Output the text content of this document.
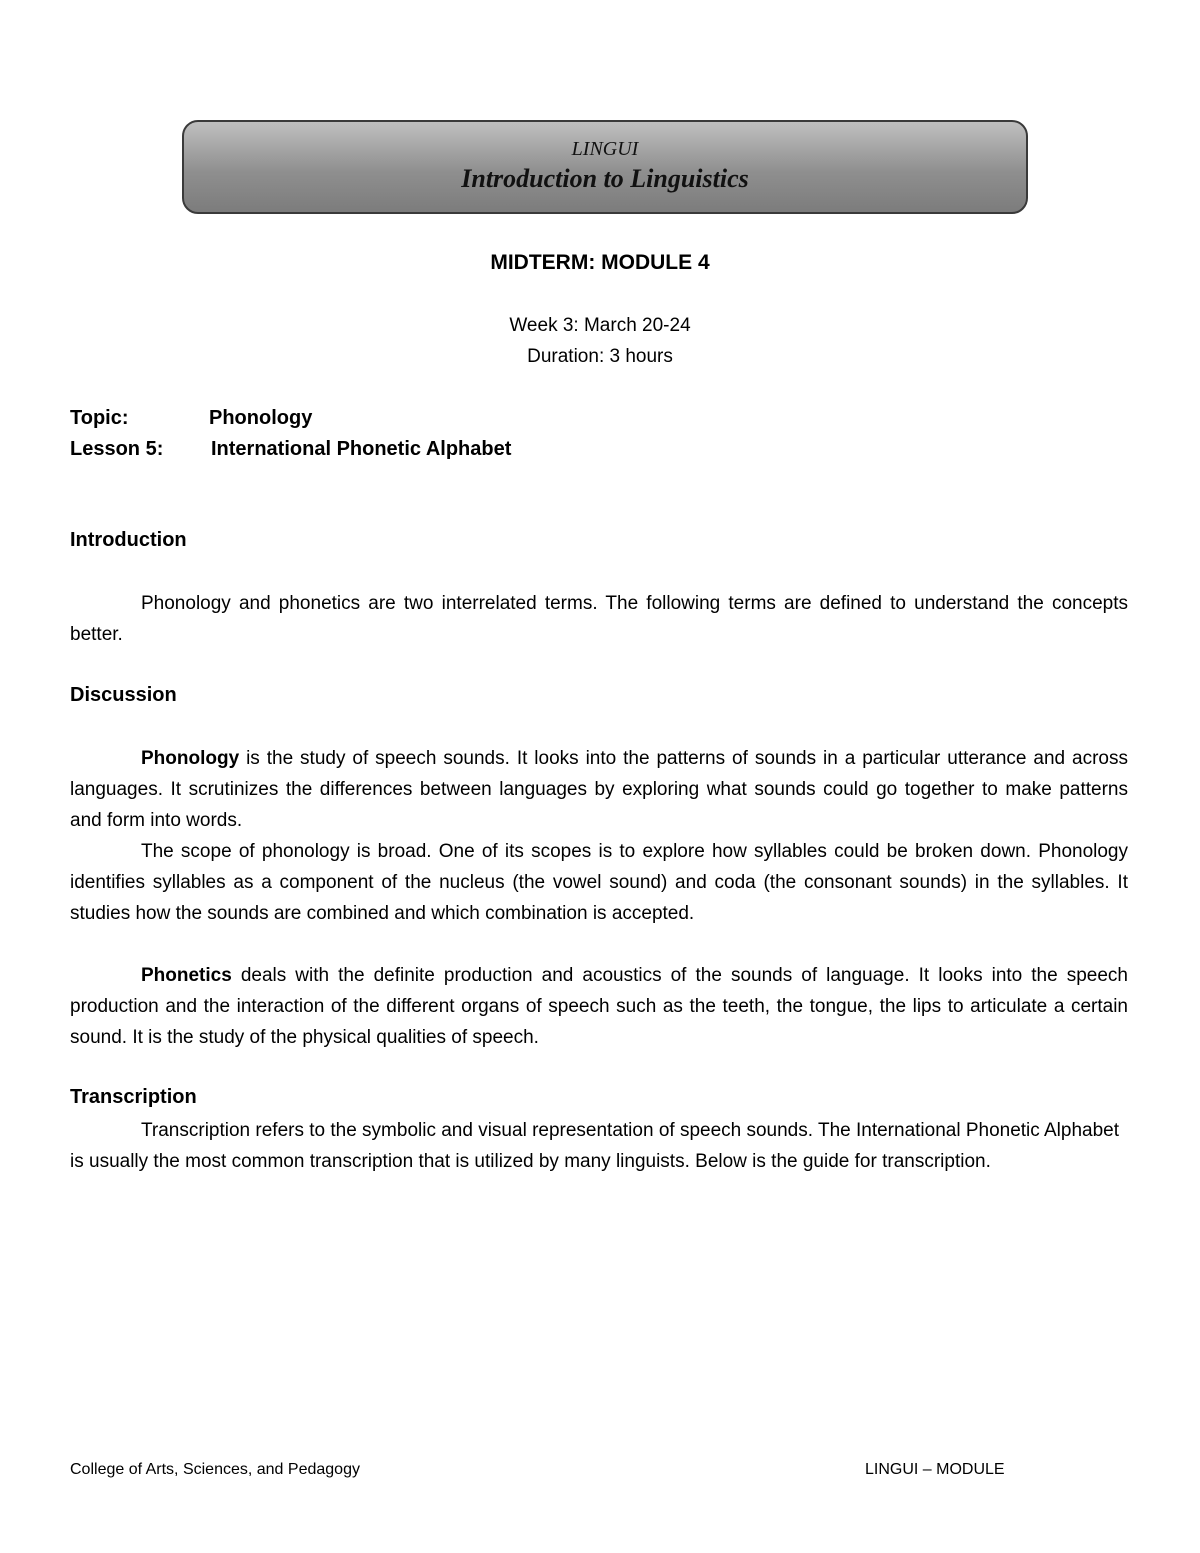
LINGUI
Introduction to Linguistics
MIDTERM: MODULE 4
Week 3: March 20-24
Duration: 3 hours
Topic:	Phonology
Lesson 5: International Phonetic Alphabet
Introduction
Phonology and phonetics are two interrelated terms. The following terms are defined to understand the concepts better.
Discussion
Phonology is the study of speech sounds. It looks into the patterns of sounds in a particular utterance and across languages. It scrutinizes the differences between languages by exploring what sounds could go together to make patterns and form into words.
The scope of phonology is broad. One of its scopes is to explore how syllables could be broken down. Phonology identifies syllables as a component of the nucleus (the vowel sound) and coda (the consonant sounds) in the syllables. It studies how the sounds are combined and which combination is accepted.
Phonetics deals with the definite production and acoustics of the sounds of language. It looks into the speech production and the interaction of the different organs of speech such as the teeth, the tongue, the lips to articulate a certain sound. It is the study of the physical qualities of speech.
Transcription
Transcription refers to the symbolic and visual representation of speech sounds. The International Phonetic Alphabet is usually the most common transcription that is utilized by many linguists. Below is the guide for transcription.
College of Arts, Sciences, and Pedagogy	LINGUI – MODULE
